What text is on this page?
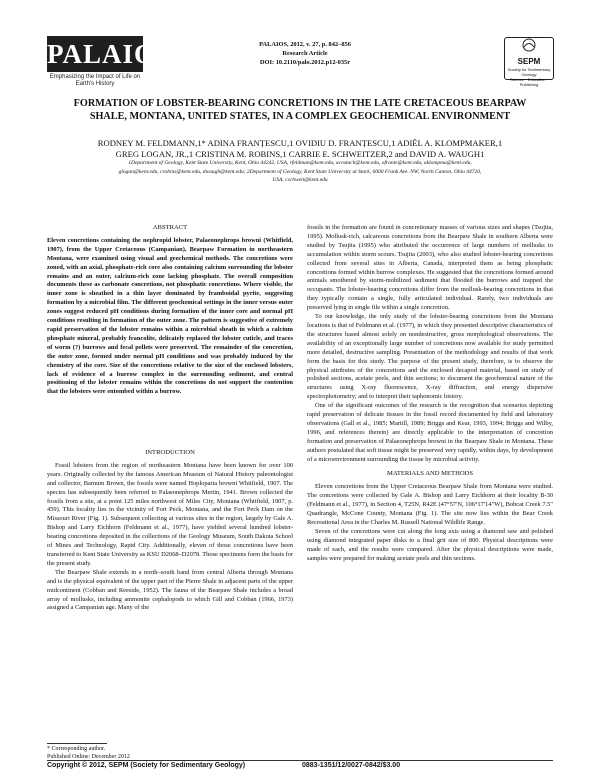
PALAIOS
Emphasizing the Impact of Life on
Earth's History
PALAIOS, 2012, v. 27, p. 842–856
Research Article
DOI: 10.2110/palo.2012.p12-035r	SEPM
Society for Sedimentary Geology
Science · Education · Publishing
FORMATION OF LOBSTER-BEARING CONCRETIONS IN THE LATE CRETACEOUS BEARPAW SHALE, MONTANA, UNITED STATES, IN A COMPLEX GEOCHEMICAL ENVIRONMENT
RODNEY M. FELDMANN,1* ADINA FRANȚESCU,1 OVIDIU D. FRANȚESCU,1 ADIËL A. KLOMPMAKER,1
GREG LOGAN, JR.,1 CRISTINA M. ROBINS,1 CARRIE E. SCHWEITZER,2 and DAVID A. WAUGH1
1Department of Geology, Kent State University, Kent, Ohio 44242, USA, rfeldman@kent.edu, acostach@kent.edu, ofrante@kent.edu, aklompma@kent.edu,
glogan@kent.edu, crobins@kent.edu, dwaugh@kent.edu; 2Department of Geology, Kent State University at Stark, 6000 Frank Ave. NW, North Canton, Ohio 44720,
USA, cschweit@kent.edu
ABSTRACT

Eleven concretions containing the nephropid lobster, Palaeonephrops browni (Whitfield, 1907), from the Upper Cretaceous (Campanian), Bearpaw Formation in northeastern Montana, were examined using visual and geochemical methods. The concretions were zoned, with an axial, phosphate-rich core also containing calcium surrounding the lobster remains and an outer, calcium-rich zone lacking phosphate. The overall composition documents these as carbonate concretions, not phosphatic concretions. Where visible, the inner zone is sheathed in a thin layer dominated by framboidal pyrite, suggesting formation by a microbial film. The different geochemical settings in the inner versus outer zones suggest reduced pH conditions during formation of the inner core and normal pH conditions resulting in formation of the outer zone. The pattern is suggestive of extremely rapid preservation of the lobster remains within a microbial sheath in which a calcium phosphate mineral, probably francolite, delicately replaced the lobster cuticle, and traces of worm (?) burrows and fecal pellets were preserved. The remainder of the concretion, the outer zone, formed under normal pH conditions and was probably induced by the chemistry of the core. Size of the concretions relative to the size of the enclosed lobsters, lack of evidence of a burrow complex in the surrounding sediment, and central positioning of the lobster remains within the concretions do not support the contention that the lobsters were entombed within a burrow.

INTRODUCTION

Fossil lobsters from the region of northeastern Montana have been known for over 100 years. Originally collected by the famous American Museum of Natural History paleontologist and collector, Barnum Brown, the fossils were named Hoploparia browni Whitfield, 1907. The species has subsequently been referred to Palaeonephrops Mertin, 1941. Brown collected the fossils from a site, at a point 125 miles northwest of Miles City, Montana (Whitfield, 1907, p. 459). This locality lies in the vicinity of Fort Peck, Montana, and the Fort Peck Dam on the Missouri River (Fig. 1). Subsequent collecting at various sites in the region, largely by Gale A. Bishop and Larry Eichhorn (Feldmann et al., 1977), have yielded several hundred lobster-bearing concretions deposited in the collections of the Geology Museum, South Dakota School of Mines and Technology, Rapid City. Additionally, eleven of those concretions have been transferred to Kent State University as KSU D2068–D2078. Those specimens form the basis for the present study.

The Bearpaw Shale extends in a north–south band from central Alberta through Montana and is the physical equivalent of the upper part of the Pierre Shale in adjacent parts of the upper midcontinent (Cobban and Reeside, 1952). The fauna of the Bearpaw Shale includes a broad array of mollusks, including ammonite cephalopods to which Gill and Cobban (1966, 1973) assigned a Campanian age. Many of the

fossils in the formation are found in concretionary masses of various sizes and shapes (Tsujita, 1995). Mollusk-rich, calcareous concretions from the Bearpaw Shale in southern Alberta were studied by Tsujita (1995) who attributed the occurrence of large numbers of mollusks to accumulation within storm scours. Tsujita (2003), who also studied lobster-bearing concretions collected from several sites in Alberta, Canada, interpreted them as being phosphatic concretions formed within burrow complexes. He suggested that the concretions formed around animals smothered by storm-mobilized sediment that flooded the burrows and trapped the occupants. The lobster-bearing concretions differ from the mollusk-bearing concretions in that they typically contain a single, fully articulated individual. Rarely, two individuals are preserved lying in single file within a single concretion.

To our knowledge, the only study of the lobster-bearing concretions from the Montana locations is that of Feldmann et al. (1977), in which they presented descriptive characteristics of the structures based almost solely on nondestructive, gross morphological observations. The availability of an exceptionally large number of concretions now available for study permitted more detailed, destructive sampling. Presentation of the methodology and results of that work form the basis for this study. The purpose of the present study, therefore, is to observe the physical attributes of the concretions and the enclosed decapod material, based on study of polished sections, acetate peels, and thin sections; to document the geochemical nature of the structures using X-ray fluorescence, X-ray diffraction, and energy dispersive spectrophotometry; and to interpret their taphonomic history.

One of the significant outcomes of the research is the recognition that scenarios depicting rapid preservation of delicate tissues in the fossil record documented by field and laboratory observations (Gall et al., 1985; Martill, 1989; Briggs and Kear, 1993, 1994; Briggs and Wilby, 1996, and references therein) are directly applicable to the interpretation of concretion formation and preservation of Palaeonephrops browni in the Bearpaw Shale in Montana. These authors postulated that soft tissue might be preserved very rapidly, within days, by development of a microenvironment surrounding the tissue by microbial activity.

MATERIALS AND METHODS

Eleven concretions from the Upper Cretaceous Bearpaw Shale from Montana were studied. The concretions were collected by Gale A. Bishop and Larry Eichhorn at their locality B-30 (Feldmann et al., 1977), in Section 4, T25N, R42E (47°57′N, 106°17′14″W), Bobcat Creek 7.5″ Quadrangle, McCone County, Montana (Fig. 1). The site now lies within the Bear Creek Recreational Area in the Charles M. Russell National Wildlife Range.

Seven of the concretions were cut along the long axis using a diamond saw and polished using diamond integrated paper disks to a final grit size of 800. Physical descriptions were made of each, and the results were compared. After the physical descriptions were made, samples were prepared for making acetate peels and thin sections.

* Corresponding author.
Published Online: December 2012
Copyright © 2012, SEPM (Society for Sedimentary Geology)	0883-1351/12/0027-0842/$3.00
